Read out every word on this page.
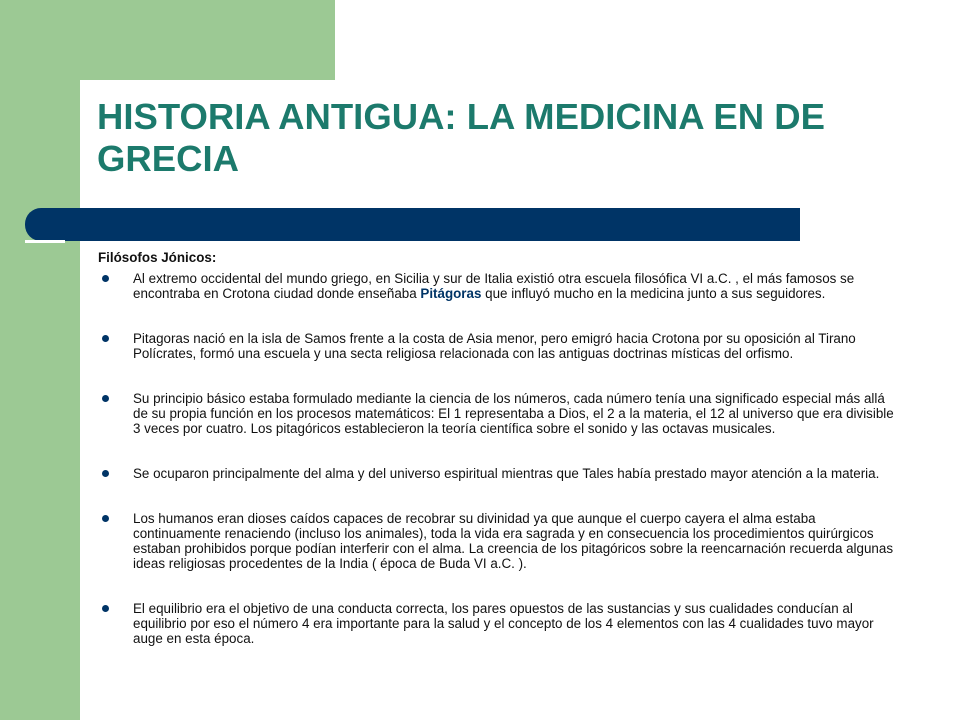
HISTORIA ANTIGUA: LA MEDICINA EN DE GRECIA

Filósofos Jónicos:

Al extremo occidental del mundo griego, en Sicilia y sur de Italia existió otra escuela filosófica VI a.C. , el más famosos se encontraba en Crotona ciudad donde enseñaba Pitágoras que influyó mucho en la medicina junto a sus seguidores.
Pitagoras nació en la isla de Samos frente a la costa de Asia menor, pero emigró hacia Crotona por su oposición al Tirano Polícrates, formó una escuela y una secta religiosa relacionada con las antiguas doctrinas místicas del orfismo.
Su principio básico estaba formulado mediante la ciencia de los números, cada número tenía una significado especial más allá de su propia función en los procesos matemáticos: El 1 representaba a Dios, el 2 a la materia, el 12 al universo que era divisible 3 veces por cuatro. Los pitagóricos establecieron la teoría científica sobre el sonido y las octavas musicales.
Se ocuparon principalmente del alma y del universo espiritual mientras que Tales había prestado mayor atención a la materia.
Los humanos eran dioses caídos capaces de recobrar su divinidad ya que aunque el cuerpo cayera el alma estaba continuamente renaciendo (incluso los animales), toda la vida era sagrada y en consecuencia los procedimientos quirúrgicos estaban prohibidos porque podían interferir con el alma. La creencia de los pitagóricos sobre la reencarnación recuerda algunas ideas religiosas procedentes de la India ( época de Buda VI a.C. ).
El equilibrio era el objetivo de una conducta correcta, los pares opuestos de las sustancias y sus cualidades conducían al equilibrio por eso el número 4 era importante para la salud y el concepto de los 4 elementos con las 4 cualidades tuvo mayor auge en esta época.
